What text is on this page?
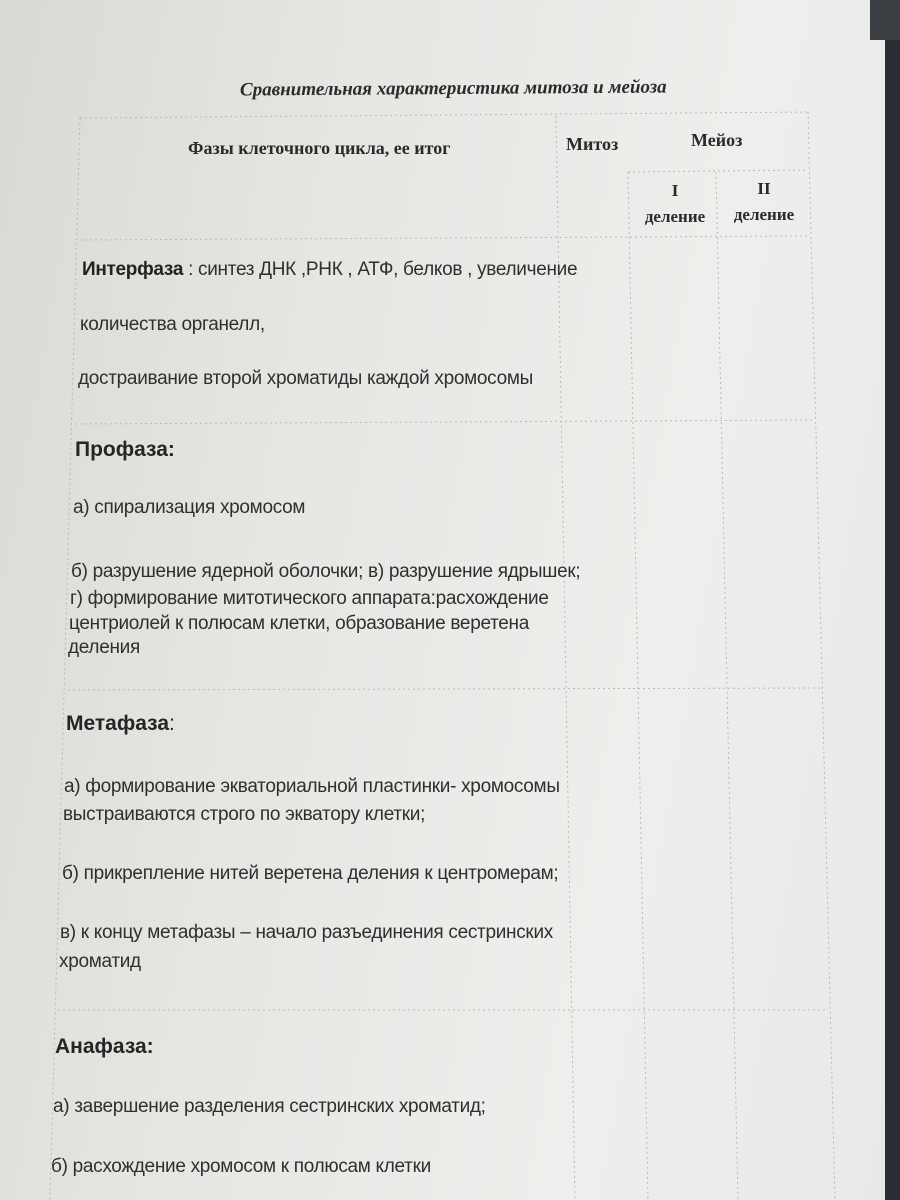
Сравнительная характеристика митоза и мейоза
Фазы клеточного цикла, ее итог	Митоз	Мейоз
I
деление
II
деление
Интерфаза : синтез ДНК ,РНК , АТФ, белков , увеличение
количества органелл,
достраивание второй хроматиды каждой хромосомы
Профаза:
а) спирализация хромосом
б) разрушение ядерной оболочки; в) разрушение ядрышек;
г) формирование митотического аппарата:расхождение
центриолей к полюсам клетки, образование веретена
деления
Метафаза:
а) формирование экваториальной пластинки- хромосомы
выстраиваются строго по экватору клетки;
б) прикрепление нитей веретена деления к центромерам;
в) к концу метафазы – начало разъединения сестринских
хроматид
Анафаза:
а) завершение разделения сестринских хроматид;
б) расхождение хромосом к полюсам клетки
